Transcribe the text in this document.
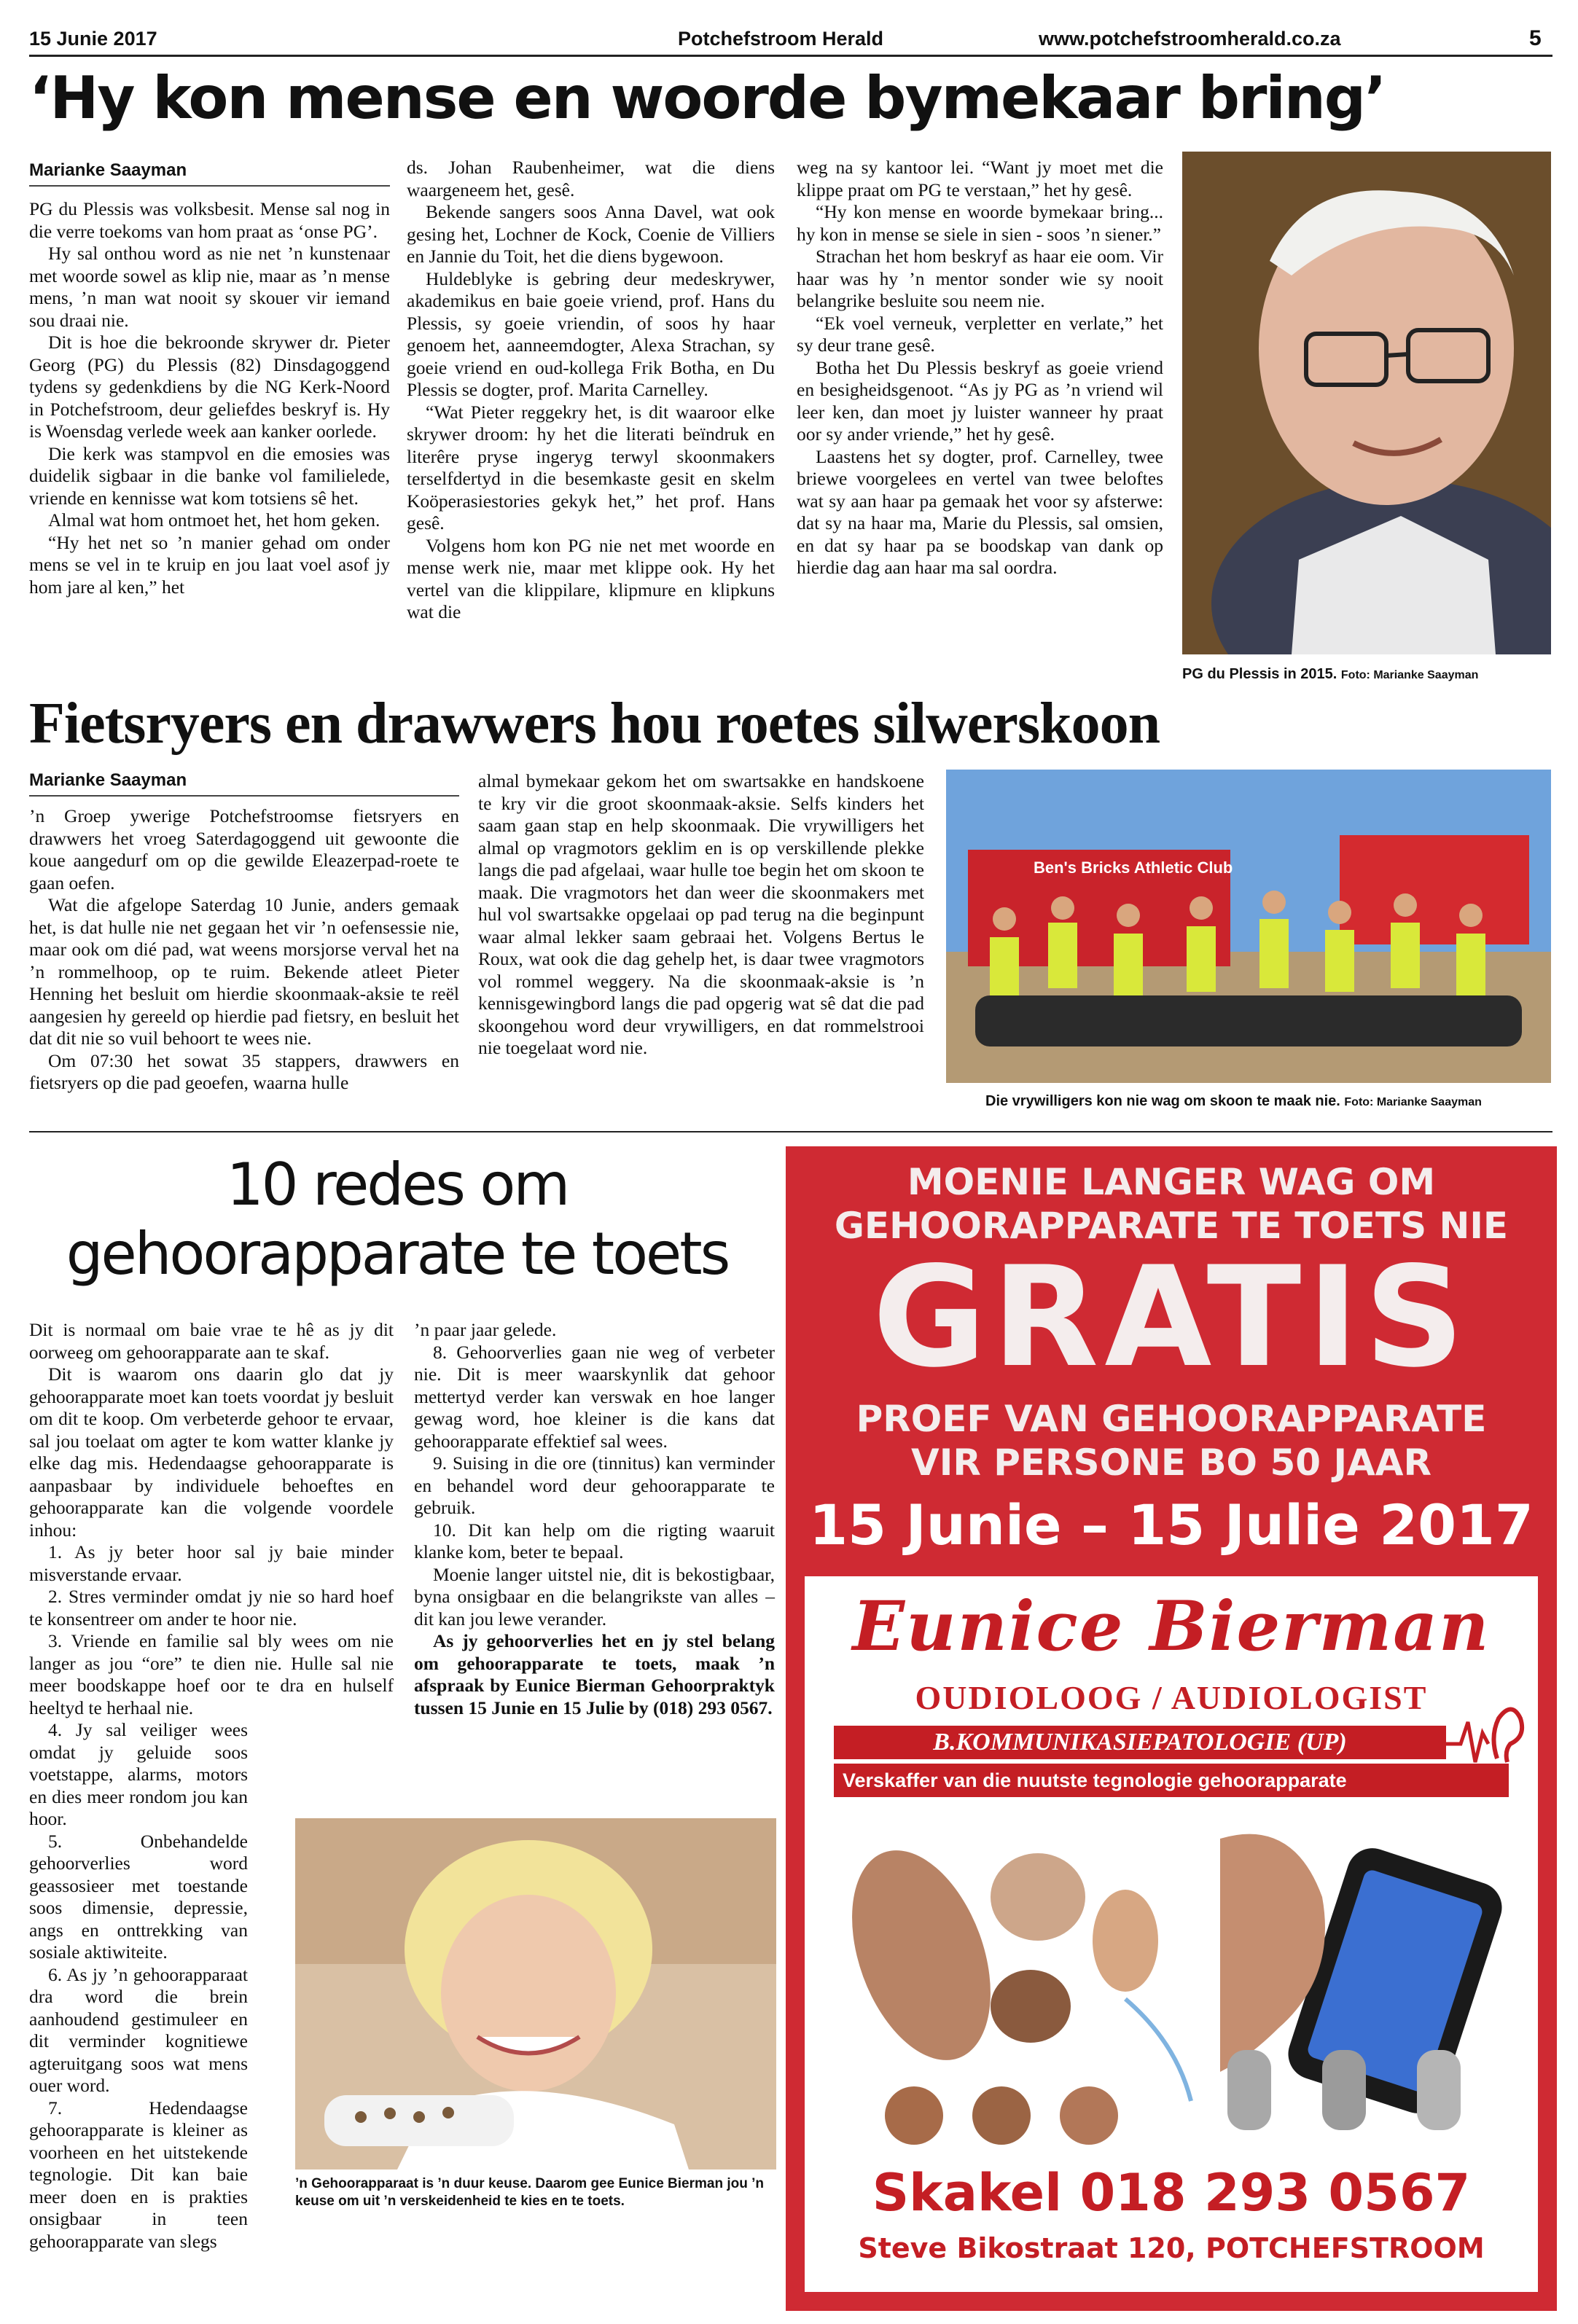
15 Junie 2017	Potchefstroom Herald	www.potchefstroomherald.co.za	5
‘Hy kon mense en woorde bymekaar bring’
Marianke Saayman

PG du Plessis was volksbesit. Mense sal nog in die verre toekoms van hom praat as ‘onse PG’.

Hy sal onthou word as nie net ’n kunstenaar met woorde sowel as klip nie, maar as ’n mense mens, ’n man wat nooit sy skouer vir iemand sou draai nie.

Dit is hoe die bekroonde skrywer dr. Pieter Georg (PG) du Plessis (82) Dinsdagoggend tydens sy gedenkdiens by die NG Kerk-Noord in Potchefstroom, deur geliefdes beskryf is. Hy is Woensdag verlede week aan kanker oorlede.

Die kerk was stampvol en die emosies was duidelik sigbaar in die banke vol familielede, vriende en kennisse wat kom totsiens sê het.

Almal wat hom ontmoet het, het hom geken.

“Hy het net so ’n manier gehad om onder mens se vel in te kruip en jou laat voel asof jy hom jare al ken,” het

ds. Johan Raubenheimer, wat die diens waargeneem het, gesê.

Bekende sangers soos Anna Davel, wat ook gesing het, Lochner de Kock, Coenie de Villiers en Jannie du Toit, het die diens bygewoon.

Huldeblyke is gebring deur medeskrywer, akademikus en baie goeie vriend, prof. Hans du Plessis, sy goeie vriendin, of soos hy haar genoem het, aanneemdogter, Alexa Strachan, sy goeie vriend en oud-kollega Frik Botha, en Du Plessis se dogter, prof. Marita Carnelley.

“Wat Pieter reggekry het, is dit waaroor elke skrywer droom: hy het die literati beïndruk en literêre pryse ingeryg terwyl skoonmakers terselfdertyd in die besemkaste gesit en skelm Koöperasiestories gekyk het,” het prof. Hans gesê.

Volgens hom kon PG nie net met woorde en mense werk nie, maar met klippe ook. Hy het vertel van die klippilare, klipmure en klipkuns wat die

weg na sy kantoor lei. “Want jy moet met die klippe praat om PG te verstaan,” het hy gesê.

“Hy kon mense en woorde bymekaar bring... hy kon in mense se siele in sien - soos ’n siener.”

Strachan het hom beskryf as haar eie oom. Vir haar was hy ’n mentor sonder wie sy nooit belangrike besluite sou neem nie.

“Ek voel verneuk, verpletter en verlate,” het sy deur trane gesê.

Botha het Du Plessis beskryf as goeie vriend en besigheidsgenoot. “As jy PG as ’n vriend wil leer ken, dan moet jy luister wanneer hy praat oor sy ander vriende,” het hy gesê.

Laastens het sy dogter, prof. Carnelley, twee briewe voorgelees en vertel van twee beloftes wat sy aan haar pa gemaak het voor sy afsterwe: dat sy na haar ma, Marie du Plessis, sal omsien, en dat sy haar pa se boodskap van dank op hierdie dag aan haar ma sal oordra.

PG du Plessis in 2015. Foto: Marianke Saayman
Fietsryers en drawwers hou roetes silwerskoon
Marianke Saayman

’n Groep ywerige Potchefstroomse fietsryers en drawwers het vroeg Saterdagoggend uit gewoonte die koue aangedurf om op die gewilde Eleazerpad-roete te gaan oefen.

Wat die afgelope Saterdag 10 Junie, anders gemaak het, is dat hulle nie net gegaan het vir ’n oefensessie nie, maar ook om dié pad, wat weens morsjorse verval het na ’n rommelhoop, op te ruim. Bekende atleet Pieter Henning het besluit om hierdie skoonmaak-aksie te reël aangesien hy gereeld op hierdie pad fietsry, en besluit het dat dit nie so vuil behoort te wees nie.

Om 07:30 het sowat 35 stappers, drawwers en fietsryers op die pad geoefen, waarna hulle

almal bymekaar gekom het om swartsakke en handskoene te kry vir die groot skoonmaak-aksie. Selfs kinders het saam gaan stap en help skoonmaak. Die vrywilligers het almal op vragmotors geklim en is op verskillende plekke langs die pad afgelaai, waar hulle toe begin het om skoon te maak. Die vragmotors het dan weer die skoonmakers met hul vol swartsakke opgelaai op pad terug na die beginpunt waar almal lekker saam gebraai het. Volgens Bertus le Roux, wat ook die dag gehelp het, is daar twee vragmotors vol rommel weggery. Na die skoonmaak-aksie is ’n kennisgewingbord langs die pad opgerig wat sê dat die pad skoongehou word deur vrywilligers, en dat rommelstrooi nie toegelaat word nie.

Ben's Bricks Athletic Club
Die vrywilligers kon nie wag om skoon te maak nie. Foto: Marianke Saayman
10 redes om
gehoorapparate te toets

Dit is normaal om baie vrae te hê as jy dit oorweeg om gehoorapparate aan te skaf.

Dit is waarom ons daarin glo dat jy gehoorapparate moet kan toets voordat jy besluit om dit te koop. Om verbeterde gehoor te ervaar, sal jou toelaat om agter te kom watter klanke jy elke dag mis. Hedendaagse gehoorapparate is aanpasbaar by individuele behoeftes en gehoorapparate kan die volgende voordele inhou:

1. As jy beter hoor sal jy baie minder misverstande ervaar.

2. Stres verminder omdat jy nie so hard hoef te konsentreer om ander te hoor nie.

3. Vriende en familie sal bly wees om nie langer as jou “ore” te dien nie. Hulle sal nie meer boodskappe hoef oor te dra en hulself heeltyd te herhaal nie.

4. Jy sal veiliger wees omdat jy geluide soos voetstappe, alarms, motors en dies meer rondom jou kan hoor.

5. Onbehandelde gehoorverlies word geassosieer met toestande soos dimensie, depressie, angs en onttrekking van sosiale aktiwiteite.

6. As jy ’n gehoorapparaat dra word die brein aanhoudend gestimuleer en dit verminder kognitiewe agteruitgang soos wat mens ouer word.

7. Hedendaagse gehoorapparate is kleiner as voorheen en het uitstekende tegnologie. Dit kan baie meer doen en is prakties onsigbaar in teen gehoorapparate van slegs

’n paar jaar gelede.

8. Gehoorverlies gaan nie weg of verbeter nie. Dit is meer waarskynlik dat gehoor mettertyd verder kan verswak en hoe langer gewag word, hoe kleiner is die kans dat gehoorapparate effektief sal wees.

9. Suising in die ore (tinnitus) kan verminder en behandel word deur gehoorapparate te gebruik.

10. Dit kan help om die rigting waaruit klanke kom, beter te bepaal.

Moenie langer uitstel nie, dit is bekostigbaar, byna onsigbaar en die belangrikste van alles – dit kan jou lewe verander.

As jy gehoorverlies het en jy stel belang om gehoorapparate te toets, maak ’n afspraak by Eunice Bierman Gehoorpraktyk tussen 15 Junie en 15 Julie by (018) 293 0567.

’n Gehoorapparaat is ’n duur keuse. Daarom gee Eunice Bierman jou ’n keuse om uit ’n verskeidenheid te kies en te toets.
MOENIE LANGER WAG OM
GEHOORAPPARATE TE TOETS NIE
GRATIS
PROEF VAN GEHOORAPPARATE
VIR PERSONE BO 50 JAAR
15 Junie – 15 Julie 2017
Eunice Bierman
OUDIOLOOG / AUDIOLOGIST
B.KOMMUNIKASIEPATOLOGIE (UP)
Verskaffer van die nuutste tegnologie gehoorapparate
Skakel 018 293 0567
Steve Bikostraat 120, POTCHEFSTROOM
